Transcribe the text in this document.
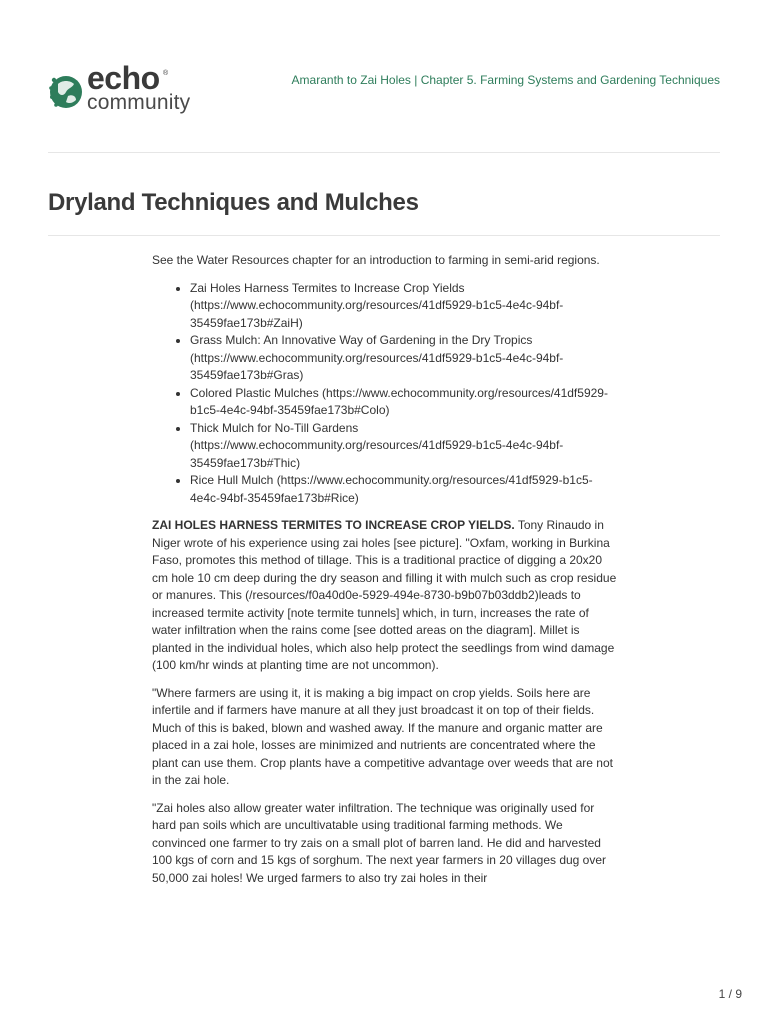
echo ®
community
Amaranth to Zai Holes | Chapter 5. Farming Systems and Gardening Techniques
Dryland Techniques and Mulches

See the Water Resources chapter for an introduction to farming in semi-arid regions.

• Zai Holes Harness Termites to Increase Crop Yields (https://www.echocommunity.org/resources/41df5929-b1c5-4e4c-94bf-35459fae173b#ZaiH)
• Grass Mulch: An Innovative Way of Gardening in the Dry Tropics (https://www.echocommunity.org/resources/41df5929-b1c5-4e4c-94bf-35459fae173b#Gras)
• Colored Plastic Mulches (https://www.echocommunity.org/resources/41df5929-b1c5-4e4c-94bf-35459fae173b#Colo)
• Thick Mulch for No-Till Gardens (https://www.echocommunity.org/resources/41df5929-b1c5-4e4c-94bf-35459fae173b#Thic)
• Rice Hull Mulch (https://www.echocommunity.org/resources/41df5929-b1c5-4e4c-94bf-35459fae173b#Rice)

ZAI HOLES HARNESS TERMITES TO INCREASE CROP YIELDS. Tony Rinaudo in Niger wrote of his experience using zai holes [see picture]. "Oxfam, working in Burkina Faso, promotes this method of tillage. This is a traditional practice of digging a 20x20 cm hole 10 cm deep during the dry season and filling it with mulch such as crop residue or manures. This (/resources/f0a40d0e-5929-494e-8730-b9b07b03ddb2)leads to increased termite activity [note termite tunnels] which, in turn, increases the rate of water infiltration when the rains come [see dotted areas on the diagram]. Millet is planted in the individual holes, which also help protect the seedlings from wind damage (100 km/hr winds at planting time are not uncommon).

"Where farmers are using it, it is making a big impact on crop yields. Soils here are infertile and if farmers have manure at all they just broadcast it on top of their fields. Much of this is baked, blown and washed away. If the manure and organic matter are placed in a zai hole, losses are minimized and nutrients are concentrated where the plant can use them. Crop plants have a competitive advantage over weeds that are not in the zai hole.

"Zai holes also allow greater water infiltration. The technique was originally used for hard pan soils which are uncultivatable using traditional farming methods. We convinced one farmer to try zais on a small plot of barren land. He did and harvested 100 kgs of corn and 15 kgs of sorghum. The next year farmers in 20 villages dug over 50,000 zai holes! We urged farmers to also try zai holes in their

1 / 9
